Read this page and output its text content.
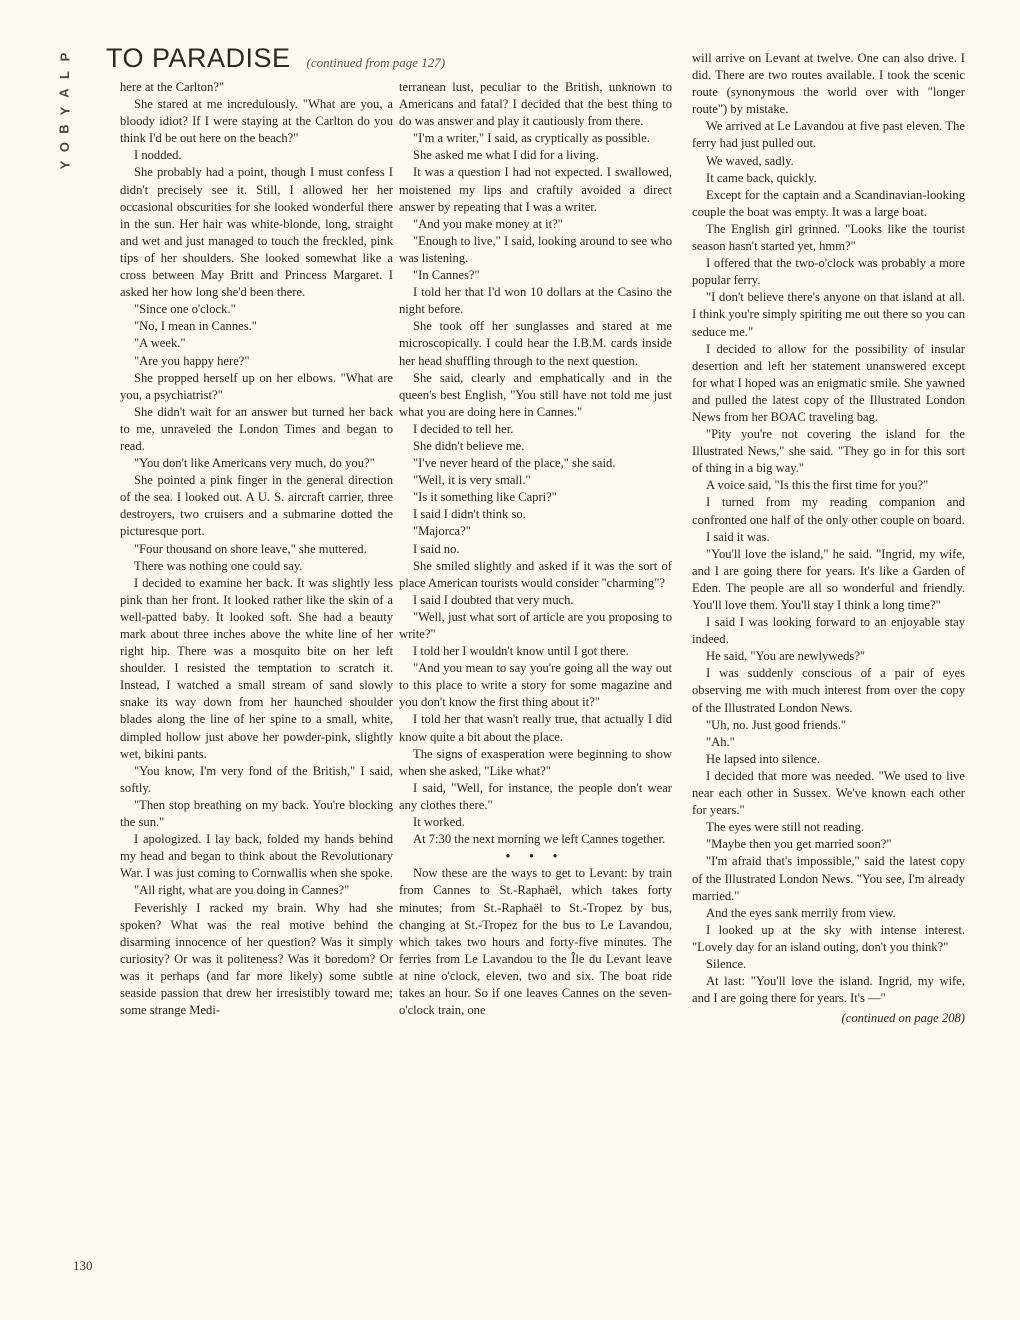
P
L
A
Y
B
O
Y
TO PARADISE (continued from page 127)

here at the Carlton?"

She stared at me incredulously. "What are you, a bloody idiot? If I were staying at the Carlton do you think I'd be out here on the beach?"

I nodded.

She probably had a point, though I must confess I didn't precisely see it. Still, I allowed her her occasional obscurities for she looked wonderful there in the sun. Her hair was white-blonde, long, straight and wet and just managed to touch the freckled, pink tips of her shoulders. She looked somewhat like a cross between May Britt and Princess Margaret. I asked her how long she'd been there.

"Since one o'clock."

"No, I mean in Cannes."

"A week."

"Are you happy here?"

She propped herself up on her elbows. "What are you, a psychiatrist?"

She didn't wait for an answer but turned her back to me, unraveled the London Times and began to read.

"You don't like Americans very much, do you?"

She pointed a pink finger in the general direction of the sea. I looked out. A U. S. aircraft carrier, three destroyers, two cruisers and a submarine dotted the picturesque port.

"Four thousand on shore leave," she muttered.

There was nothing one could say.

I decided to examine her back. It was slightly less pink than her front. It looked rather like the skin of a well-patted baby. It looked soft. She had a beauty mark about three inches above the white line of her right hip. There was a mosquito bite on her left shoulder. I resisted the temptation to scratch it. Instead, I watched a small stream of sand slowly snake its way down from her haunched shoulder blades along the line of her spine to a small, white, dimpled hollow just above her powder-pink, slightly wet, bikini pants.

"You know, I'm very fond of the British," I said, softly.

"Then stop breathing on my back. You're blocking the sun."

I apologized. I lay back, folded my hands behind my head and began to think about the Revolutionary War. I was just coming to Cornwallis when she spoke.

"All right, what are you doing in Cannes?"

Feverishly I racked my brain. Why had she spoken? What was the real motive behind the disarming innocence of her question? Was it simply curiosity? Or was it politeness? Was it boredom? Or was it perhaps (and far more likely) some subtle seaside passion that drew her irresistibly toward me; some strange Medi-

terranean lust, peculiar to the British, unknown to Americans and fatal? I decided that the best thing to do was answer and play it cautiously from there.

"I'm a writer," I said, as cryptically as possible.

She asked me what I did for a living.

It was a question I had not expected. I swallowed, moistened my lips and craftily avoided a direct answer by repeating that I was a writer.

"And you make money at it?"

"Enough to live," I said, looking around to see who was listening.

"In Cannes?"

I told her that I'd won 10 dollars at the Casino the night before.

She took off her sunglasses and stared at me microscopically. I could hear the I.B.M. cards inside her head shuffling through to the next question.

She said, clearly and emphatically and in the queen's best English, "You still have not told me just what you are doing here in Cannes."

I decided to tell her.

She didn't believe me.

"I've never heard of the place," she said.

"Well, it is very small."

"Is it something like Capri?"

I said I didn't think so.

"Majorca?"

I said no.

She smiled slightly and asked if it was the sort of place American tourists would consider "charming"?

I said I doubted that very much.

"Well, just what sort of article are you proposing to write?"

I told her I wouldn't know until I got there.

"And you mean to say you're going all the way out to this place to write a story for some magazine and you don't know the first thing about it?"

I told her that wasn't really true, that actually I did know quite a bit about the place.

The signs of exasperation were beginning to show when she asked, "Like what?"

I said, "Well, for instance, the people don't wear any clothes there."

It worked.

At 7:30 the next morning we left Cannes together.

• • •

Now these are the ways to get to Levant: by train from Cannes to St.-Raphaël, which takes forty minutes; from St.-Raphaël to St.-Tropez by bus, changing at St.-Tropez for the bus to Le Lavandou, which takes two hours and forty-five minutes. The ferries from Le Lavandou to the Île du Levant leave at nine o'clock, eleven, two and six. The boat ride takes an hour. So if one leaves Cannes on the seven-o'clock train, one

will arrive on Levant at twelve. One can also drive. I did. There are two routes available. I took the scenic route (synonymous the world over with "longer route") by mistake.

We arrived at Le Lavandou at five past eleven. The ferry had just pulled out.

We waved, sadly.

It came back, quickly.

Except for the captain and a Scandinavian-looking couple the boat was empty. It was a large boat.

The English girl grinned. "Looks like the tourist season hasn't started yet, hmm?"

I offered that the two-o'clock was probably a more popular ferry.

"I don't believe there's anyone on that island at all. I think you're simply spiriting me out there so you can seduce me."

I decided to allow for the possibility of insular desertion and left her statement unanswered except for what I hoped was an enigmatic smile. She yawned and pulled the latest copy of the Illustrated London News from her BOAC traveling bag.

"Pity you're not covering the island for the Illustrated News," she said. "They go in for this sort of thing in a big way."

A voice said, "Is this the first time for you?"

I turned from my reading companion and confronted one half of the only other couple on board.

I said it was.

"You'll love the island," he said. "Ingrid, my wife, and I are going there for years. It's like a Garden of Eden. The people are all so wonderful and friendly. You'll love them. You'll stay I think a long time?"

I said I was looking forward to an enjoyable stay indeed.

He said, "You are newlyweds?"

I was suddenly conscious of a pair of eyes observing me with much interest from over the copy of the Illustrated London News.

"Uh, no. Just good friends."

"Ah."

He lapsed into silence.

I decided that more was needed. "We used to live near each other in Sussex. We've known each other for years."

The eyes were still not reading.

"Maybe then you get married soon?"

"I'm afraid that's impossible," said the latest copy of the Illustrated London News. "You see, I'm already married."

And the eyes sank merrily from view.

I looked up at the sky with intense interest. "Lovely day for an island outing, don't you think?"

Silence.

At last: "You'll love the island. Ingrid, my wife, and I are going there for years. It's —"

(continued on page 208)

130
